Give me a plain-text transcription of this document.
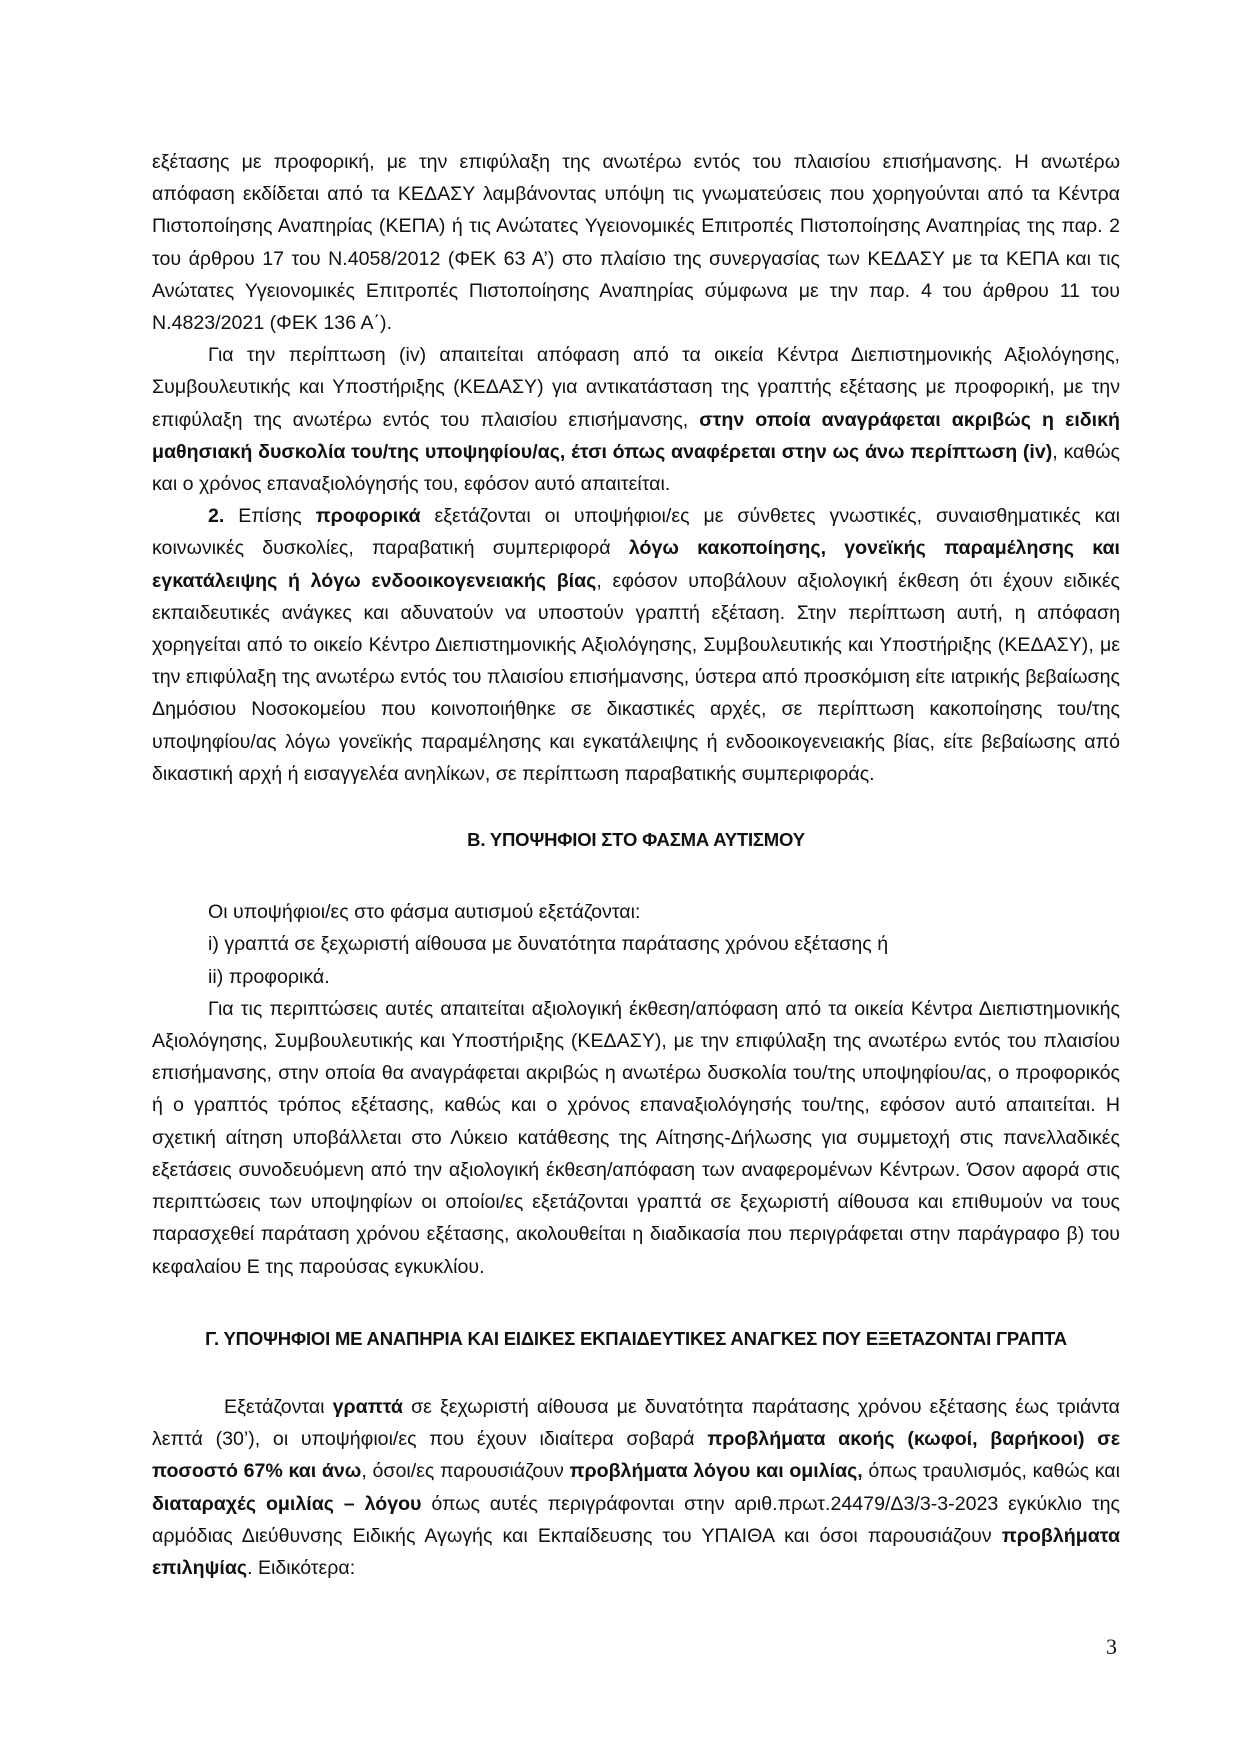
εξέτασης με προφορική, με την επιφύλαξη της ανωτέρω εντός του πλαισίου επισήμανσης. Η ανωτέρω απόφαση εκδίδεται από τα ΚΕΔΑΣΥ λαμβάνοντας υπόψη τις γνωματεύσεις που χορηγούνται από τα Κέντρα Πιστοποίησης Αναπηρίας (ΚΕΠΑ) ή τις Ανώτατες Υγειονομικές Επιτροπές Πιστοποίησης Αναπηρίας της παρ. 2 του άρθρου 17 του Ν.4058/2012 (ΦΕΚ 63 Α’) στο πλαίσιο της συνεργασίας των ΚΕΔΑΣΥ με τα ΚΕΠΑ και τις Ανώτατες Υγειονομικές Επιτροπές Πιστοποίησης Αναπηρίας σύμφωνα με την παρ. 4 του άρθρου 11 του Ν.4823/2021 (ΦΕΚ 136 Α΄).

Για την περίπτωση (iv) απαιτείται απόφαση από τα οικεία Κέντρα Διεπιστημονικής Αξιολόγησης, Συμβουλευτικής και Υποστήριξης (ΚΕΔΑΣΥ) για αντικατάσταση της γραπτής εξέτασης με προφορική, με την επιφύλαξη της ανωτέρω εντός του πλαισίου επισήμανσης, στην οποία αναγράφεται ακριβώς η ειδική μαθησιακή δυσκολία του/της υποψηφίου/ας, έτσι όπως αναφέρεται στην ως άνω περίπτωση (iv), καθώς και ο χρόνος επαναξιολόγησής του, εφόσον αυτό απαιτείται.

2. Επίσης προφορικά εξετάζονται οι υποψήφιοι/ες με σύνθετες γνωστικές, συναισθηματικές και κοινωνικές δυσκολίες, παραβατική συμπεριφορά λόγω κακοποίησης, γονεϊκής παραμέλησης και εγκατάλειψης ή λόγω ενδοοικογενειακής βίας, εφόσον υποβάλουν αξιολογική έκθεση ότι έχουν ειδικές εκπαιδευτικές ανάγκες και αδυνατούν να υποστούν γραπτή εξέταση. Στην περίπτωση αυτή, η απόφαση χορηγείται από το οικείο Κέντρο Διεπιστημονικής Αξιολόγησης, Συμβουλευτικής και Υποστήριξης (ΚΕΔΑΣΥ), με την επιφύλαξη της ανωτέρω εντός του πλαισίου επισήμανσης, ύστερα από προσκόμιση είτε ιατρικής βεβαίωσης Δημόσιου Νοσοκομείου που κοινοποιήθηκε σε δικαστικές αρχές, σε περίπτωση κακοποίησης του/της υποψηφίου/ας λόγω γονεϊκής παραμέλησης και εγκατάλειψης ή ενδοοικογενειακής βίας, είτε βεβαίωσης από δικαστική αρχή ή εισαγγελέα ανηλίκων, σε περίπτωση παραβατικής συμπεριφοράς.

Β. ΥΠΟΨΗΦΙΟΙ ΣΤΟ ΦΑΣΜΑ ΑΥΤΙΣΜΟΥ

Οι υποψήφιοι/ες στο φάσμα αυτισμού εξετάζονται:

i) γραπτά σε ξεχωριστή αίθουσα με δυνατότητα παράτασης χρόνου εξέτασης ή

ii) προφορικά.

Για τις περιπτώσεις αυτές απαιτείται αξιολογική έκθεση/απόφαση από τα οικεία Κέντρα Διεπιστημονικής Αξιολόγησης, Συμβουλευτικής και Υποστήριξης (ΚΕΔΑΣΥ), με την επιφύλαξη της ανωτέρω εντός του πλαισίου επισήμανσης, στην οποία θα αναγράφεται ακριβώς η ανωτέρω δυσκολία του/της υποψηφίου/ας, ο προφορικός ή ο γραπτός τρόπος εξέτασης, καθώς και ο χρόνος επαναξιολόγησής του/της, εφόσον αυτό απαιτείται. Η σχετική αίτηση υποβάλλεται στο Λύκειο κατάθεσης της Αίτησης-Δήλωσης για συμμετοχή στις πανελλαδικές εξετάσεις συνοδευόμενη από την αξιολογική έκθεση/απόφαση των αναφερομένων Κέντρων. Όσον αφορά στις περιπτώσεις των υποψηφίων οι οποίοι/ες εξετάζονται γραπτά σε ξεχωριστή αίθουσα και επιθυμούν να τους παρασχεθεί παράταση χρόνου εξέτασης, ακολουθείται η διαδικασία που περιγράφεται στην παράγραφο β) του κεφαλαίου Ε της παρούσας εγκυκλίου.

Γ. ΥΠΟΨΗΦΙΟΙ ΜΕ ΑΝΑΠΗΡΙΑ ΚΑΙ ΕΙΔΙΚΕΣ ΕΚΠΑΙΔΕΥΤΙΚΕΣ ΑΝΑΓΚΕΣ ΠΟΥ ΕΞΕΤΑΖΟΝΤΑΙ ΓΡΑΠΤΑ

Εξετάζονται γραπτά σε ξεχωριστή αίθουσα με δυνατότητα παράτασης χρόνου εξέτασης έως τριάντα λεπτά (30’), οι υποψήφιοι/ες που έχουν ιδιαίτερα σοβαρά προβλήματα ακοής (κωφοί, βαρήκοοι) σε ποσοστό 67% και άνω, όσοι/ες παρουσιάζουν προβλήματα λόγου και ομιλίας, όπως τραυλισμός, καθώς και διαταραχές ομιλίας – λόγου όπως αυτές περιγράφονται στην αριθ.πρωτ.24479/Δ3/3-3-2023 εγκύκλιο της αρμόδιας Διεύθυνσης Ειδικής Αγωγής και Εκπαίδευσης του ΥΠΑΙΘΑ και όσοι παρουσιάζουν προβλήματα επιληψίας. Ειδικότερα:

3
